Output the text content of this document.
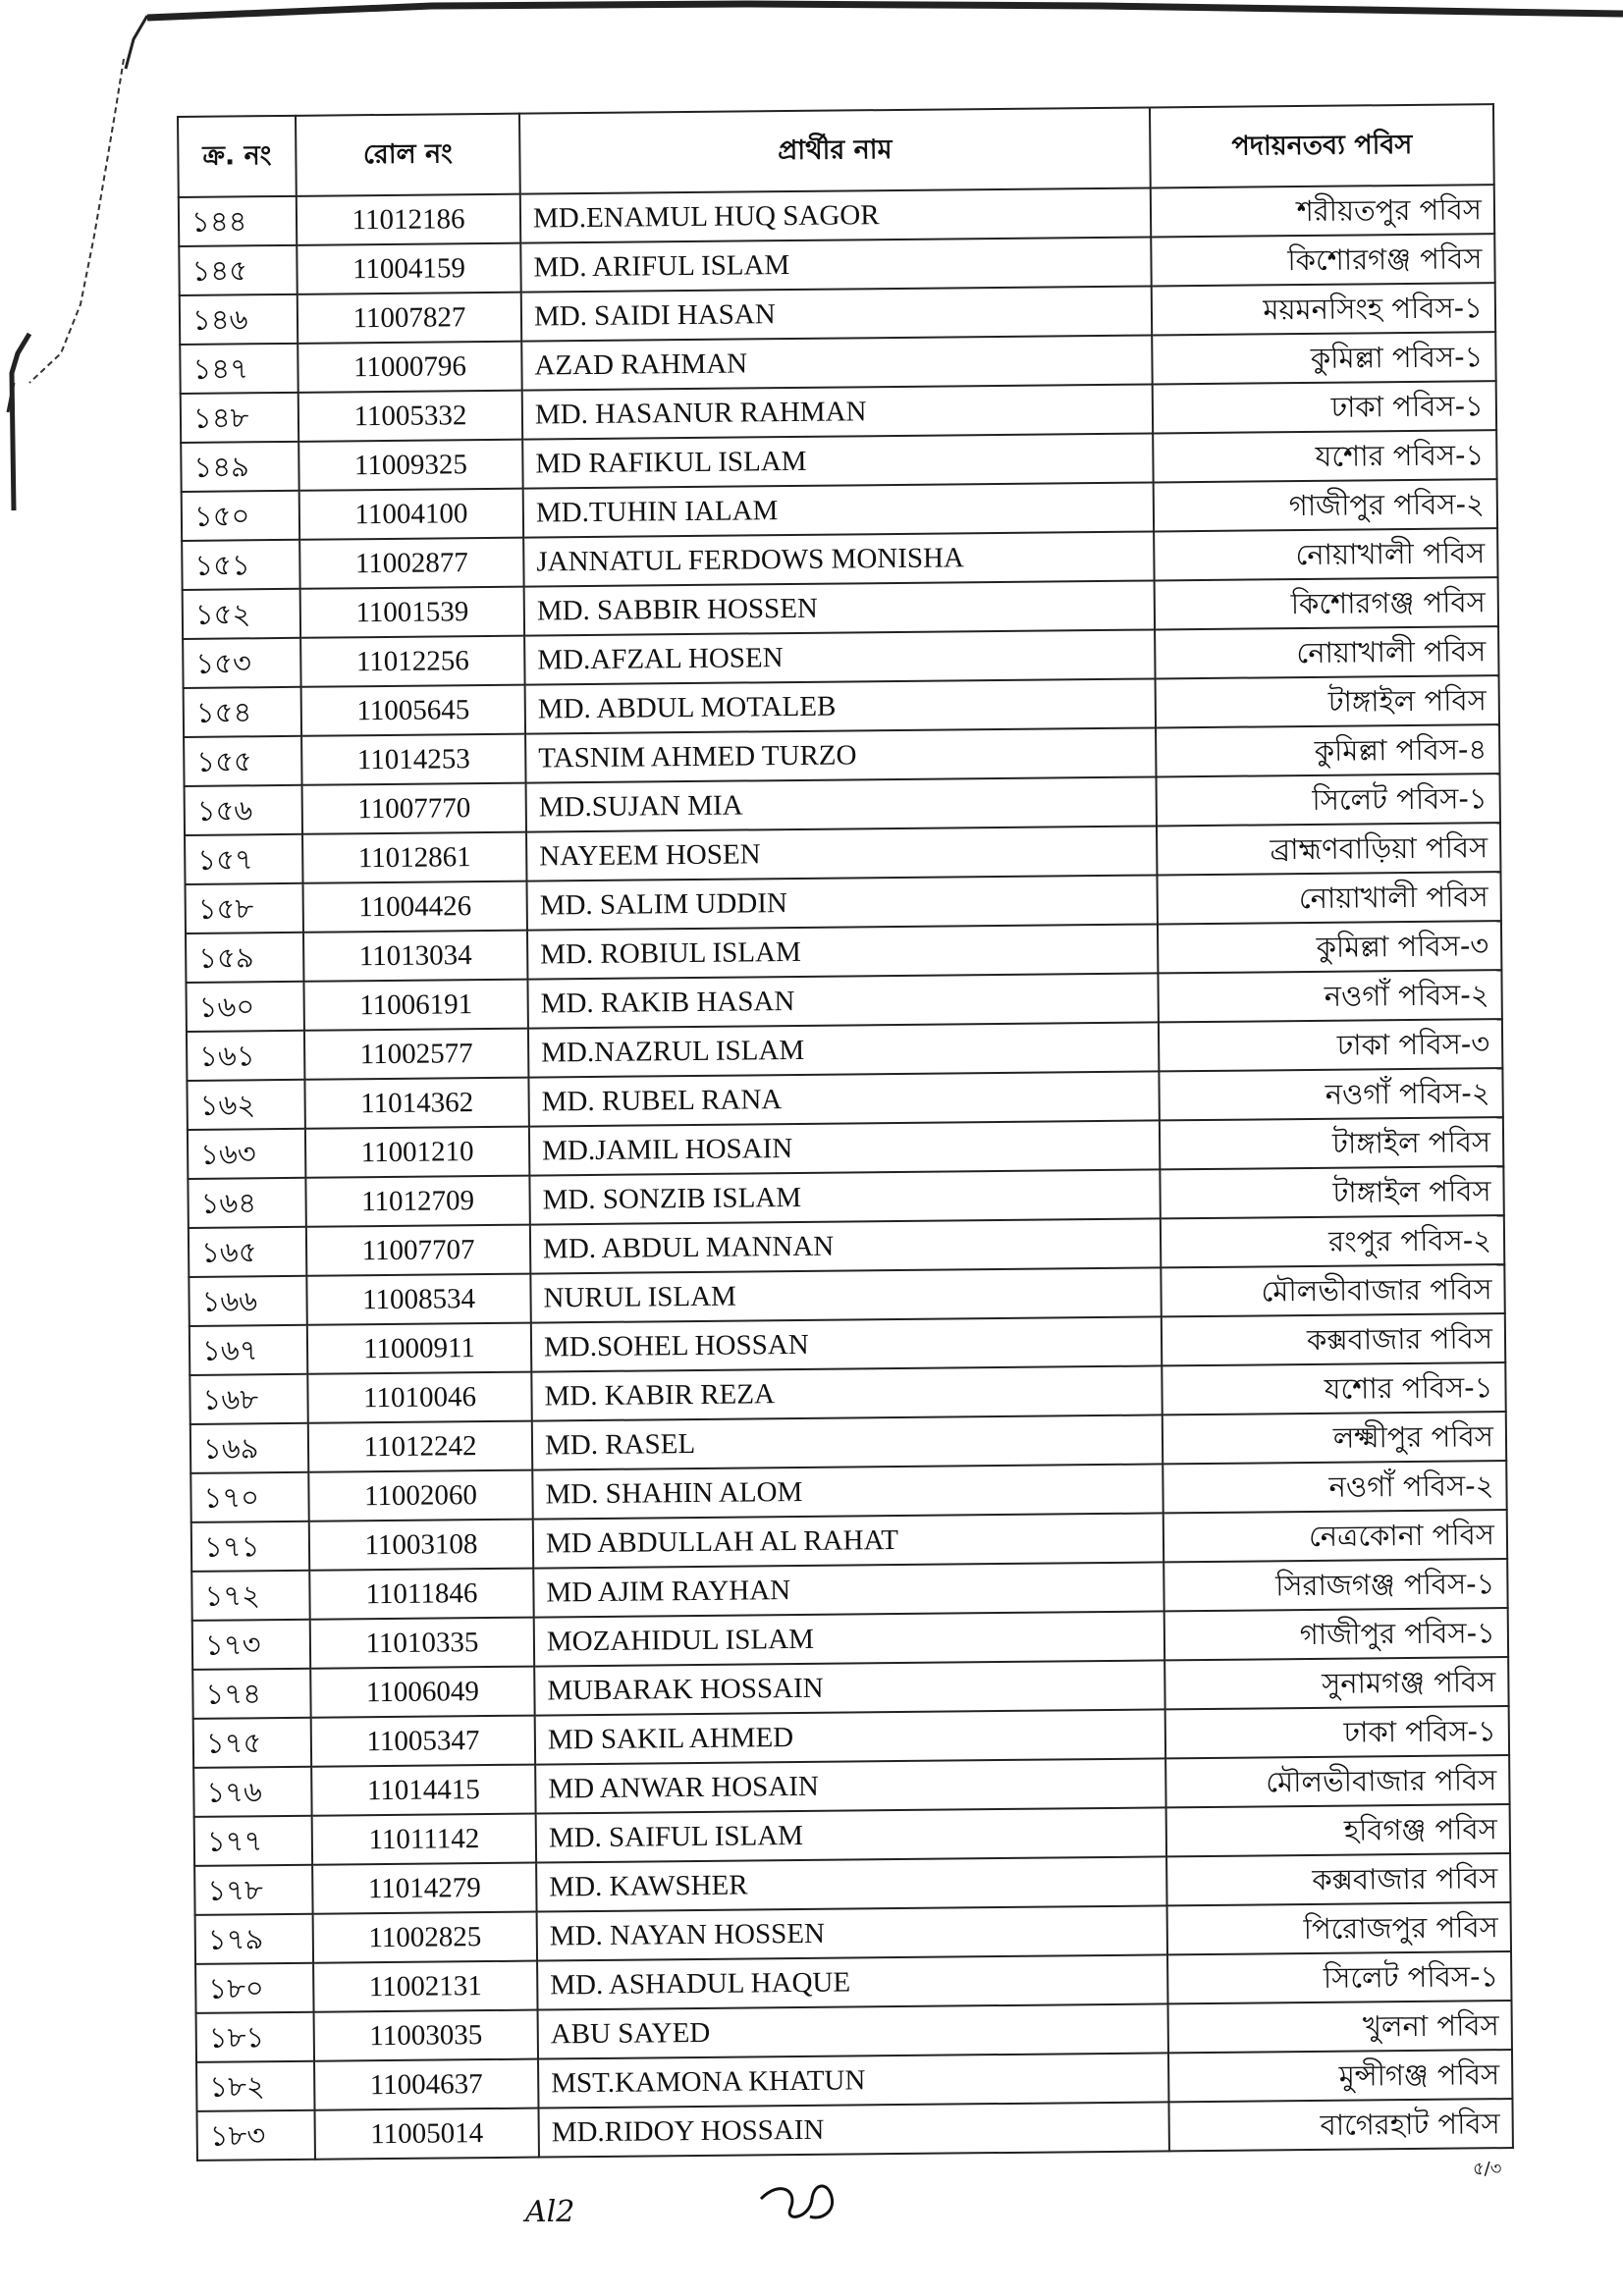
ক্র. নং	রোল নং	প্রার্থীর নাম	পদায়নতব্য পবিস
১৪৪	11012186	MD.ENAMUL HUQ SAGOR	শরীয়তপুর পবিস
১৪৫	11004159	MD. ARIFUL ISLAM	কিশোরগঞ্জ পবিস
১৪৬	11007827	MD. SAIDI HASAN	ময়মনসিংহ পবিস-১
১৪৭	11000796	AZAD RAHMAN	কুমিল্লা পবিস-১
১৪৮	11005332	MD. HASANUR RAHMAN	ঢাকা পবিস-১
১৪৯	11009325	MD RAFIKUL ISLAM	যশোর পবিস-১
১৫০	11004100	MD.TUHIN IALAM	গাজীপুর পবিস-২
১৫১	11002877	JANNATUL FERDOWS MONISHA	নোয়াখালী পবিস
১৫২	11001539	MD. SABBIR HOSSEN	কিশোরগঞ্জ পবিস
১৫৩	11012256	MD.AFZAL HOSEN	নোয়াখালী পবিস
১৫৪	11005645	MD. ABDUL MOTALEB	টাঙ্গাইল পবিস
১৫৫	11014253	TASNIM AHMED TURZO	কুমিল্লা পবিস-৪
১৫৬	11007770	MD.SUJAN MIA	সিলেট পবিস-১
১৫৭	11012861	NAYEEM HOSEN	ব্রাহ্মণবাড়িয়া পবিস
১৫৮	11004426	MD. SALIM UDDIN	নোয়াখালী পবিস
১৫৯	11013034	MD. ROBIUL ISLAM	কুমিল্লা পবিস-৩
১৬০	11006191	MD. RAKIB HASAN	নওগাঁ পবিস-২
১৬১	11002577	MD.NAZRUL ISLAM	ঢাকা পবিস-৩
১৬২	11014362	MD. RUBEL RANA	নওগাঁ পবিস-২
১৬৩	11001210	MD.JAMIL HOSAIN	টাঙ্গাইল পবিস
১৬৪	11012709	MD. SONZIB ISLAM	টাঙ্গাইল পবিস
১৬৫	11007707	MD. ABDUL MANNAN	রংপুর পবিস-২
১৬৬	11008534	NURUL ISLAM	মৌলভীবাজার পবিস
১৬৭	11000911	MD.SOHEL HOSSAN	কক্সবাজার পবিস
১৬৮	11010046	MD. KABIR REZA	যশোর পবিস-১
১৬৯	11012242	MD. RASEL	লক্ষ্মীপুর পবিস
১৭০	11002060	MD. SHAHIN ALOM	নওগাঁ পবিস-২
১৭১	11003108	MD ABDULLAH AL RAHAT	নেত্রকোনা পবিস
১৭২	11011846	MD AJIM RAYHAN	সিরাজগঞ্জ পবিস-১
১৭৩	11010335	MOZAHIDUL ISLAM	গাজীপুর পবিস-১
১৭৪	11006049	MUBARAK HOSSAIN	সুনামগঞ্জ পবিস
১৭৫	11005347	MD SAKIL AHMED	ঢাকা পবিস-১
১৭৬	11014415	MD ANWAR HOSAIN	মৌলভীবাজার পবিস
১৭৭	11011142	MD. SAIFUL ISLAM	হবিগঞ্জ পবিস
১৭৮	11014279	MD. KAWSHER	কক্সবাজার পবিস
১৭৯	11002825	MD. NAYAN HOSSEN	পিরোজপুর পবিস
১৮০	11002131	MD. ASHADUL HAQUE	সিলেট পবিস-১
১৮১	11003035	ABU SAYED	খুলনা পবিস
১৮২	11004637	MST.KAMONA KHATUN	মুন্সীগঞ্জ পবিস
১৮৩	11005014	MD.RIDOY HOSSAIN	বাগেরহাট পবিস
৫/৩
Al2
